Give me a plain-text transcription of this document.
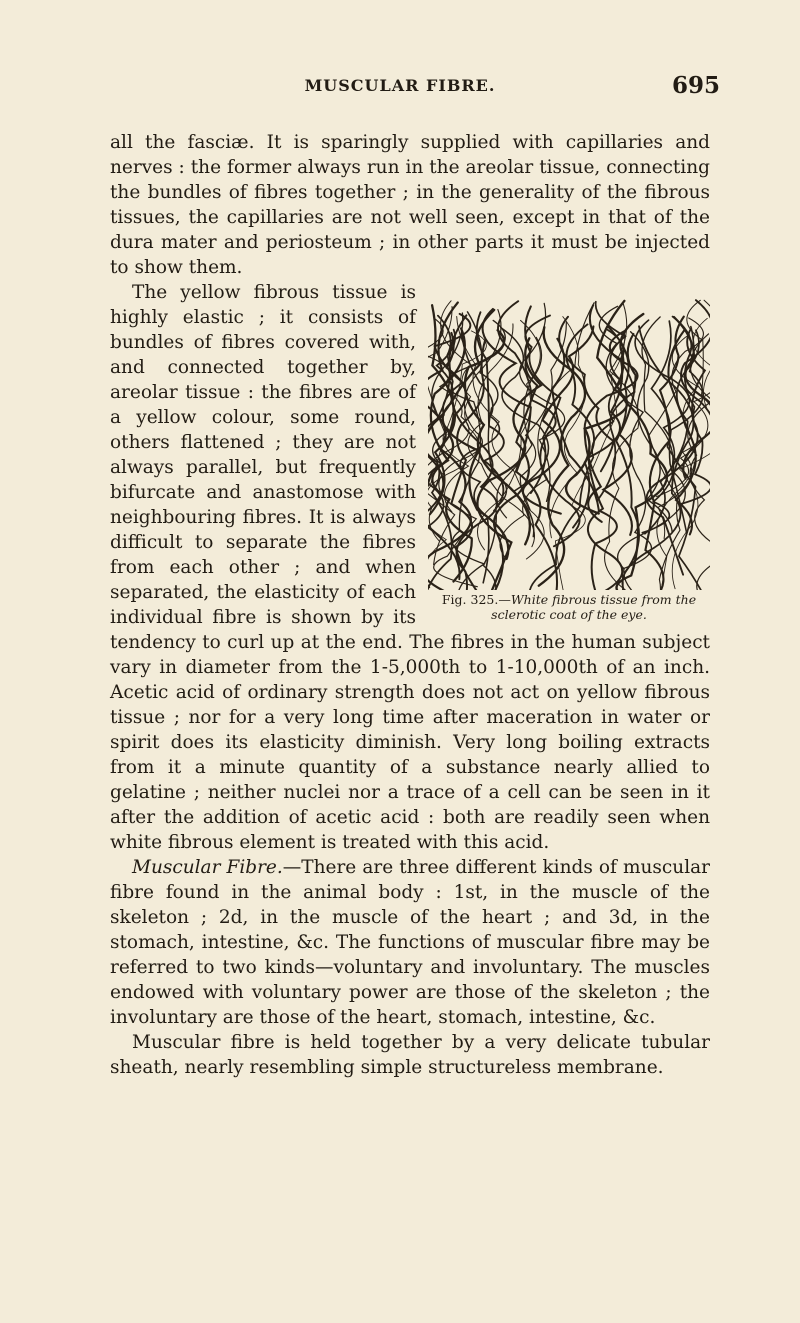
MUSCULAR FIBRE.	695

all the fasciæ. It is sparingly supplied with capillaries and nerves : the former always run in the areolar tissue, connecting the bundles of fibres together ; in the generality of the fibrous tissues, the capillaries are not well seen, except in that of the dura mater and periosteum ; in other parts it must be injected to show them.

Fig. 325.—White fibrous tissue from the sclerotic coat of the eye.

The yellow fibrous tissue is highly elastic ; it consists of bundles of fibres covered with, and connected together by, areolar tissue : the fibres are of a yellow colour, some round, others flattened ; they are not always parallel, but frequently bifurcate and anastomose with neighbouring fibres. It is always difficult to separate the fibres from each other ; and when separated, the elasticity of each individual fibre is shown by its tendency to curl up at the end. The fibres in the human subject vary in diameter from the 1-5,000th to 1-10,000th of an inch. Acetic acid of ordinary strength does not act on yellow fibrous tissue ; nor for a very long time after maceration in water or spirit does its elasticity diminish. Very long boiling extracts from it a minute quantity of a substance nearly allied to gelatine ; neither nuclei nor a trace of a cell can be seen in it after the addition of acetic acid : both are readily seen when white fibrous element is treated with this acid.

Muscular Fibre.—There are three different kinds of muscular fibre found in the animal body : 1st, in the muscle of the skeleton ; 2d, in the muscle of the heart ; and 3d, in the stomach, intestine, &c. The functions of muscular fibre may be referred to two kinds—voluntary and involuntary. The muscles endowed with voluntary power are those of the skeleton ; the involuntary are those of the heart, stomach, intestine, &c.

Muscular fibre is held together by a very delicate tubular sheath, nearly resembling simple structureless membrane.
